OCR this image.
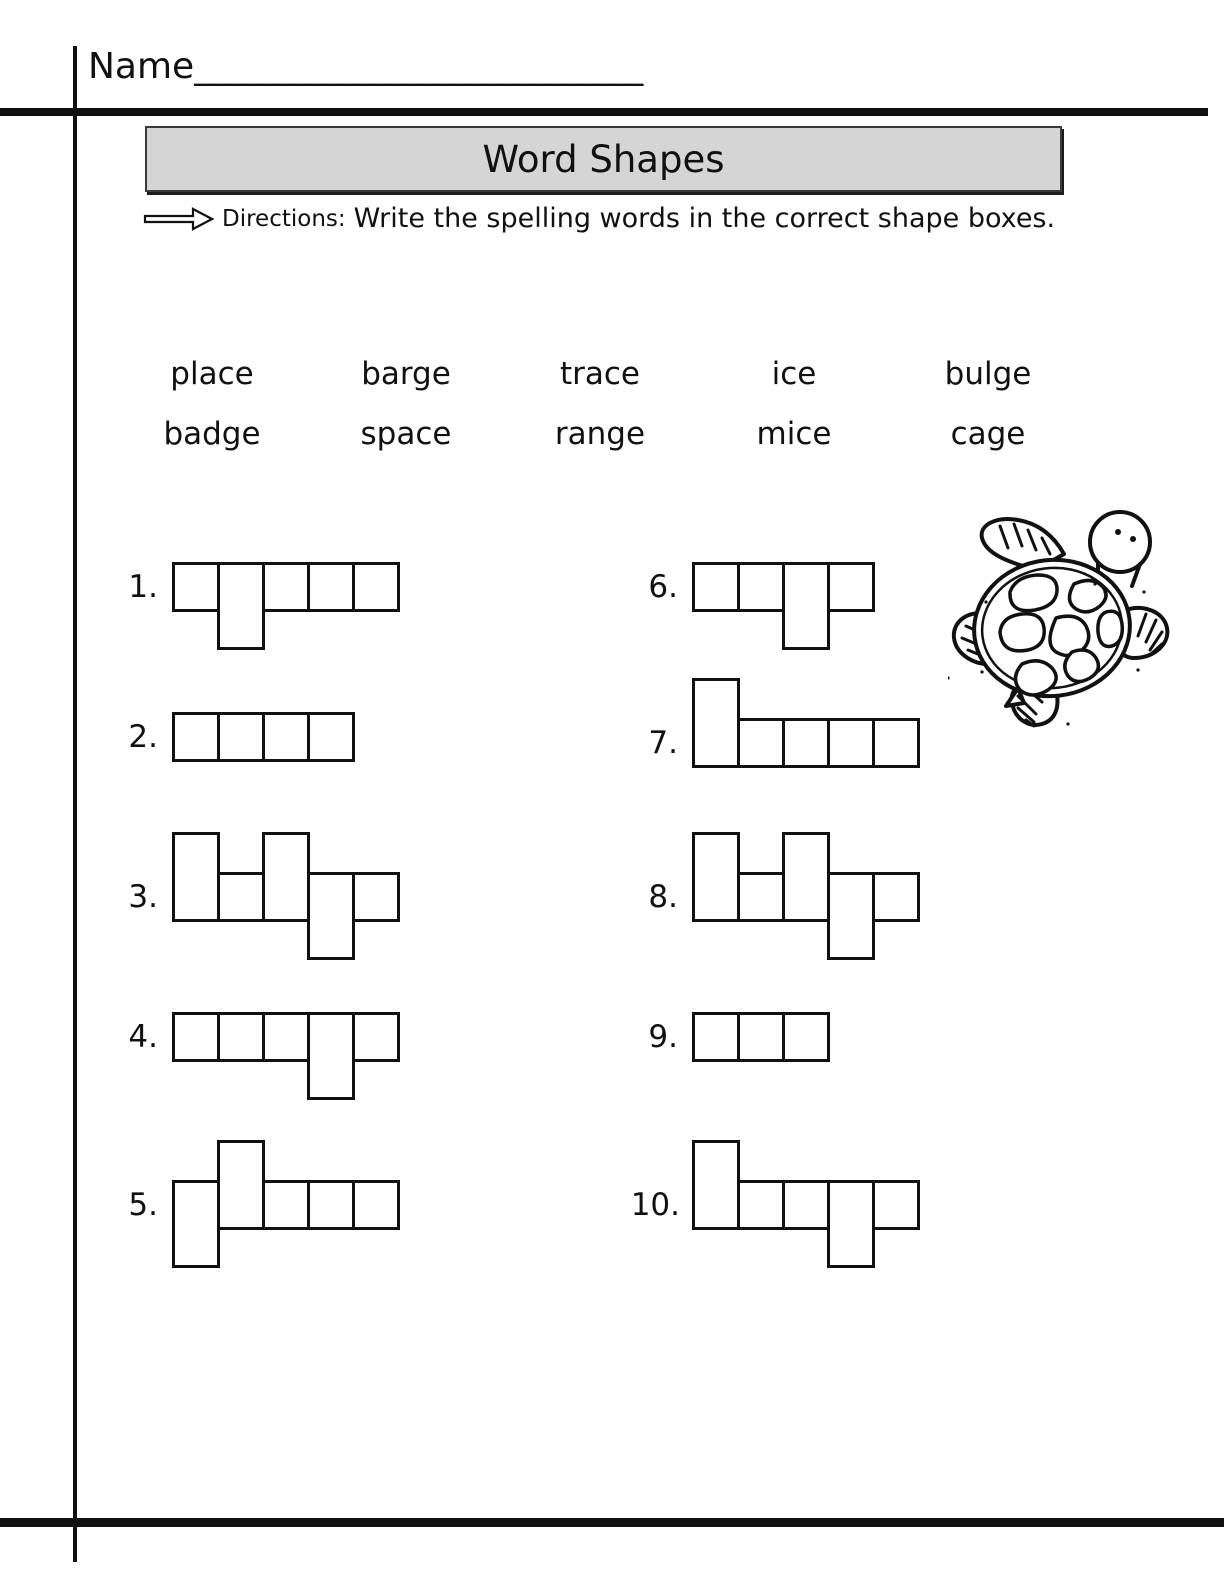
Name____________________________
Word Shapes
Directions: Write the spelling words in the correct shape boxes.
place	barge	trace	ice	bulge
badge	space	range	mice	cage
1.
2.
3.
4.
5.
6.
7.
8.
9.
10.
